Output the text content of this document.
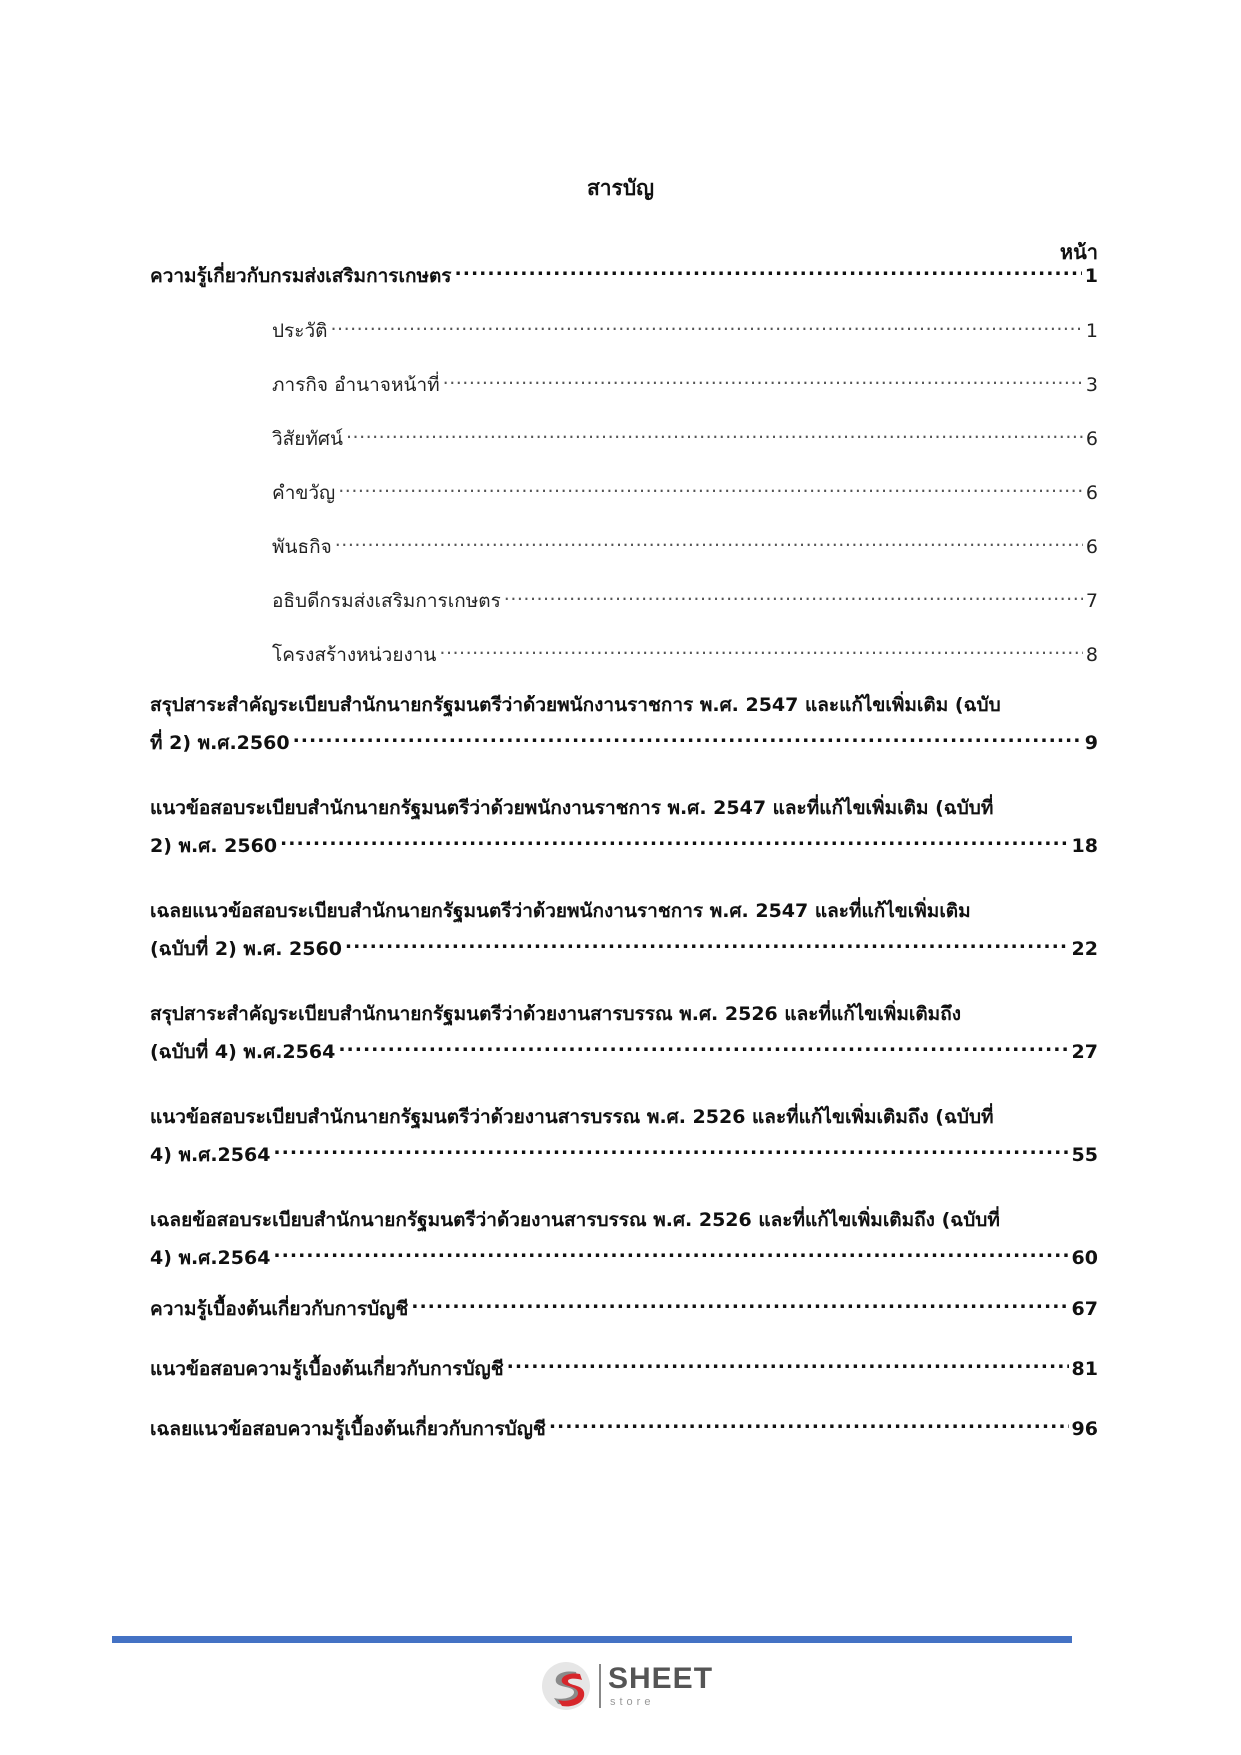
สารบัญ
หน้า
ความรู้เกี่ยวกับกรมส่งเสริมการเกษตร .....	1
ประวัติ .....	1
ภารกิจ อำนาจหน้าที่ .....	3
วิสัยทัศน์ .....	6
คำขวัญ .....	6
พันธกิจ .....	6
อธิบดีกรมส่งเสริมการเกษตร .....	7
โครงสร้างหน่วยงาน .....	8
สรุปสาระสำคัญระเบียบสำนักนายกรัฐมนตรีว่าด้วยพนักงานราชการ พ.ศ. 2547 และแก้ไขเพิ่มเติม (ฉบับ
ที่ 2) พ.ศ.2560 .....	9
แนวข้อสอบระเบียบสำนักนายกรัฐมนตรีว่าด้วยพนักงานราชการ พ.ศ. 2547 และที่แก้ไขเพิ่มเติม (ฉบับที่
2) พ.ศ. 2560 .....	18
เฉลยแนวข้อสอบระเบียบสำนักนายกรัฐมนตรีว่าด้วยพนักงานราชการ พ.ศ. 2547 และที่แก้ไขเพิ่มเติม
(ฉบับที่ 2) พ.ศ. 2560 .....	22
สรุปสาระสำคัญระเบียบสำนักนายกรัฐมนตรีว่าด้วยงานสารบรรณ พ.ศ. 2526 และที่แก้ไขเพิ่มเติมถึง
(ฉบับที่ 4) พ.ศ.2564 .....	27
แนวข้อสอบระเบียบสำนักนายกรัฐมนตรีว่าด้วยงานสารบรรณ พ.ศ. 2526 และที่แก้ไขเพิ่มเติมถึง (ฉบับที่
4) พ.ศ.2564 .....	55
เฉลยข้อสอบระเบียบสำนักนายกรัฐมนตรีว่าด้วยงานสารบรรณ พ.ศ. 2526 และที่แก้ไขเพิ่มเติมถึง (ฉบับที่
4) พ.ศ.2564 .....	60
ความรู้เบื้องต้นเกี่ยวกับการบัญชี .....	67
แนวข้อสอบความรู้เบื้องต้นเกี่ยวกับการบัญชี .....	81
เฉลยแนวข้อสอบความรู้เบื้องต้นเกี่ยวกับการบัญชี .....	96
SHEET
store
